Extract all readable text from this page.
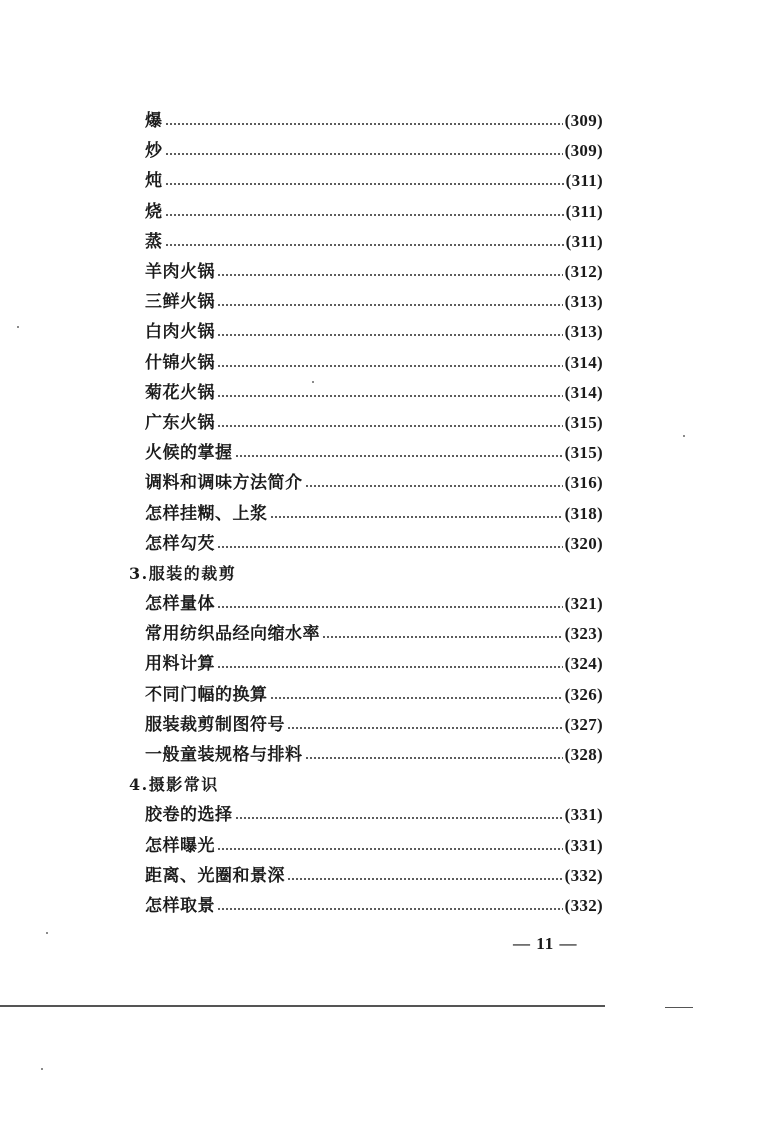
爆	(309)
炒	(309)
炖	(311)
烧	(311)
蒸	(311)
羊肉火锅	(312)
三鲜火锅	(313)
白肉火锅	(313)
什锦火锅	(314)
菊花火锅	(314)
广东火锅	(315)
火候的掌握	(315)
调料和调味方法简介	(316)
怎样挂糊、上浆	(318)
怎样勾芡	(320)
3.服装的裁剪
怎样量体	(321)
常用纺织品经向缩水率	(323)
用料计算	(324)
不同门幅的换算	(326)
服装裁剪制图符号	(327)
一般童装规格与排料	(328)
4.摄影常识
胶卷的选择	(331)
怎样曝光	(331)
距离、光圈和景深	(332)
怎样取景	(332)
— 11 —
